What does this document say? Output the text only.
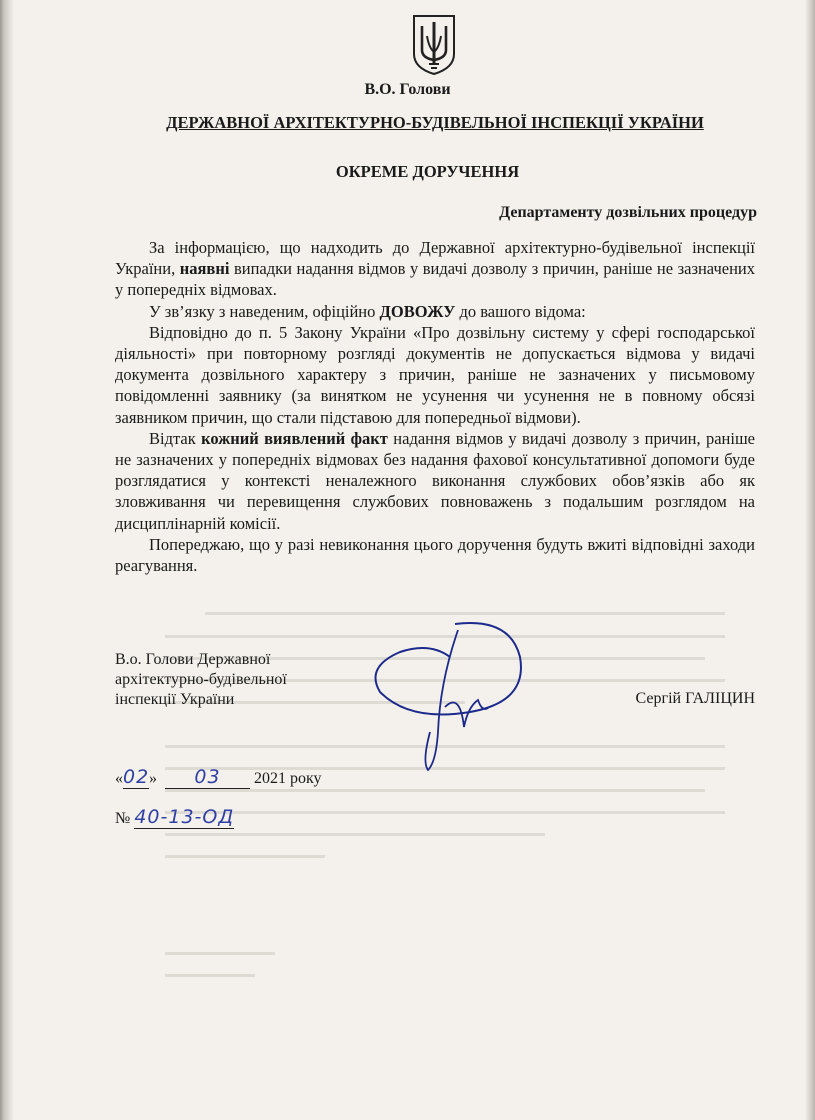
В.О. Голови
ДЕРЖАВНОЇ АРХІТЕКТУРНО-БУДІВЕЛЬНОЇ ІНСПЕКЦІЇ УКРАЇНИ
ОКРЕМЕ ДОРУЧЕННЯ
Департаменту дозвільних процедур

За інформацією, що надходить до Державної архітектурно-будівельної інспекції України, наявні випадки надання відмов у видачі дозволу з причин, раніше не зазначених у попередніх відмовах.

У зв’язку з наведеним, офіційно ДОВОЖУ до вашого відома:

Відповідно до п. 5 Закону України «Про дозвільну систему у сфері господарської діяльності» при повторному розгляді документів не допускається відмова у видачі документа дозвільного характеру з причин, раніше не зазначених у письмовому повідомленні заявнику (за винятком не усунення чи усунення не в повному обсязі заявником причин, що стали підставою для попередньої відмови).

Відтак кожний виявлений факт надання відмов у видачі дозволу з причин, раніше не зазначених у попередніх відмовах без надання фахової консультативної допомоги буде розглядатися у контексті неналежного виконання службових обов’язків або як зловживання чи перевищення службових повноважень з подальшим розглядом на дисциплінарній комісії.

Попереджаю, що у разі невиконання цього доручення будуть вжиті відповідні заходи реагування.

В.о. Голови Державної
архітектурно-будівельної
інспекції України	Сергій ГАЛІЦИН
«02» 03 2021 року
№ 40-13-ОД
